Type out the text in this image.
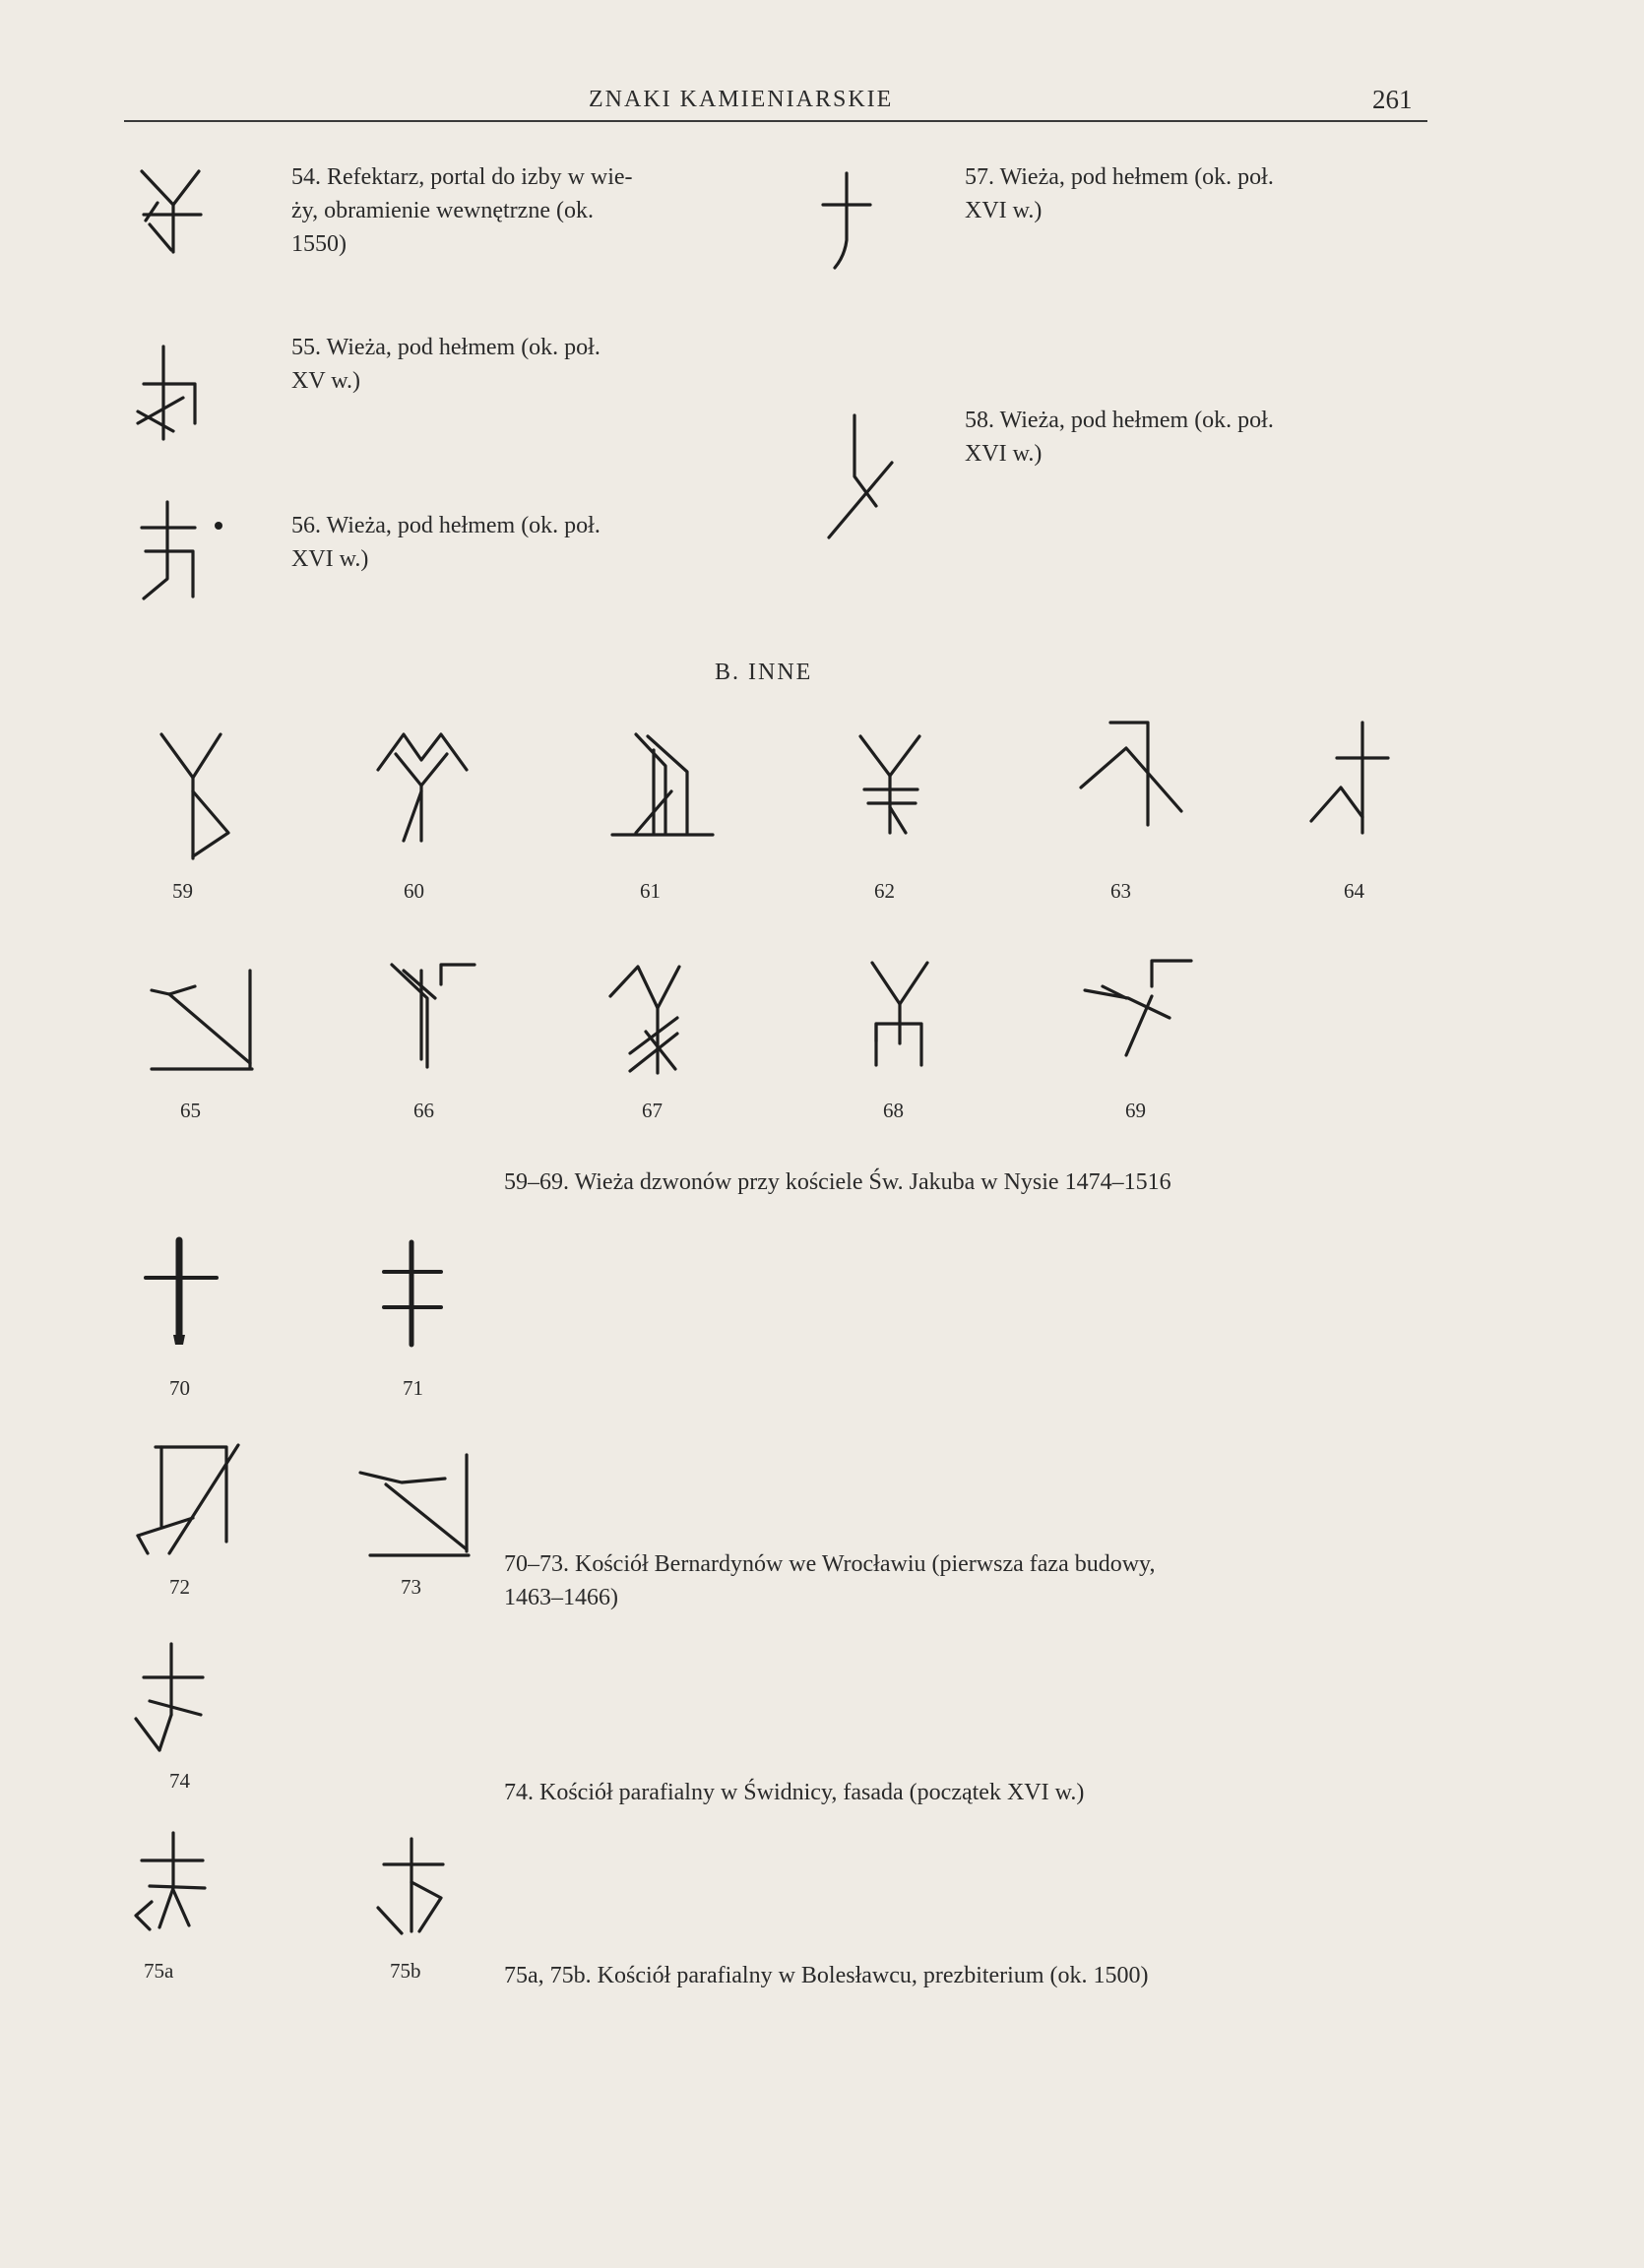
ZNAKI KAMIENIARSKIE	261
54. Refektarz, portal do izby w wie-
ży, obramienie wewnętrzne (ok.
1550)
55. Wieża, pod hełmem (ok. poł.
XV w.)
56. Wieża, pod hełmem (ok. poł.
XVI w.)
57. Wieża, pod hełmem (ok. poł.
XVI w.)
58. Wieża, pod hełmem (ok. poł.
XVI w.)
B. INNE
59	60	61	62	63	64
65	66	67	68	69
59–69. Wieża dzwonów przy kościele Św. Jakuba w Nysie 1474–1516
70	71
72	73
70–73. Kościół Bernardynów we Wrocławiu (pierwsza faza budowy,
1463–1466)
74	74. Kościół parafialny w Świdnicy, fasada (początek XVI w.)
75a	75b	75a, 75b. Kościół parafialny w Bolesławcu, prezbiterium (ok. 1500)
